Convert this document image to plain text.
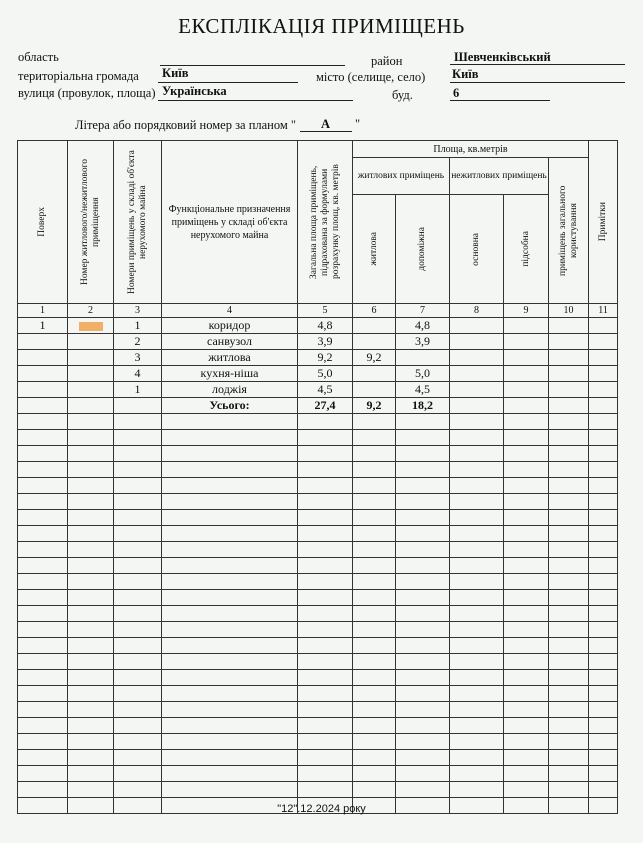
ЕКСПЛІКАЦІЯ ПРИМІЩЕНЬ
область	район	Шевченківський
територіальна громада Київ	місто (селище, село) Київ
вулиця (провулок, площа) Українська	буд.	6
Літера або порядковий номер за планом " А "
Поверх	Номер житлового/нежитлового приміщення	Номери приміщень у складі об'єкта нерухомого майна	Функціональне призначення приміщень у складі об'єкта нерухомого майна	Загальна площа приміщень, підрахована за формулами розрахунку площ, кв. метрів	Площа, кв.метрів					Примітки

					житлових приміщень		нежитлових приміщень		приміщень загального користування	

					житлова	допоміжна	основна	підсобна		

1	2	3	4	5	6	7	8	9	10	11
1		1	коридор	4,8		4,8				
		2	санвузол	3,9		3,9				
		3	житлова	9,2	9,2					
		4	кухня-ніша	5,0		5,0				
		1	лоджія	4,5		4,5				
			Усього:	27,4	9,2	18,2				

"12".12.2024 року
